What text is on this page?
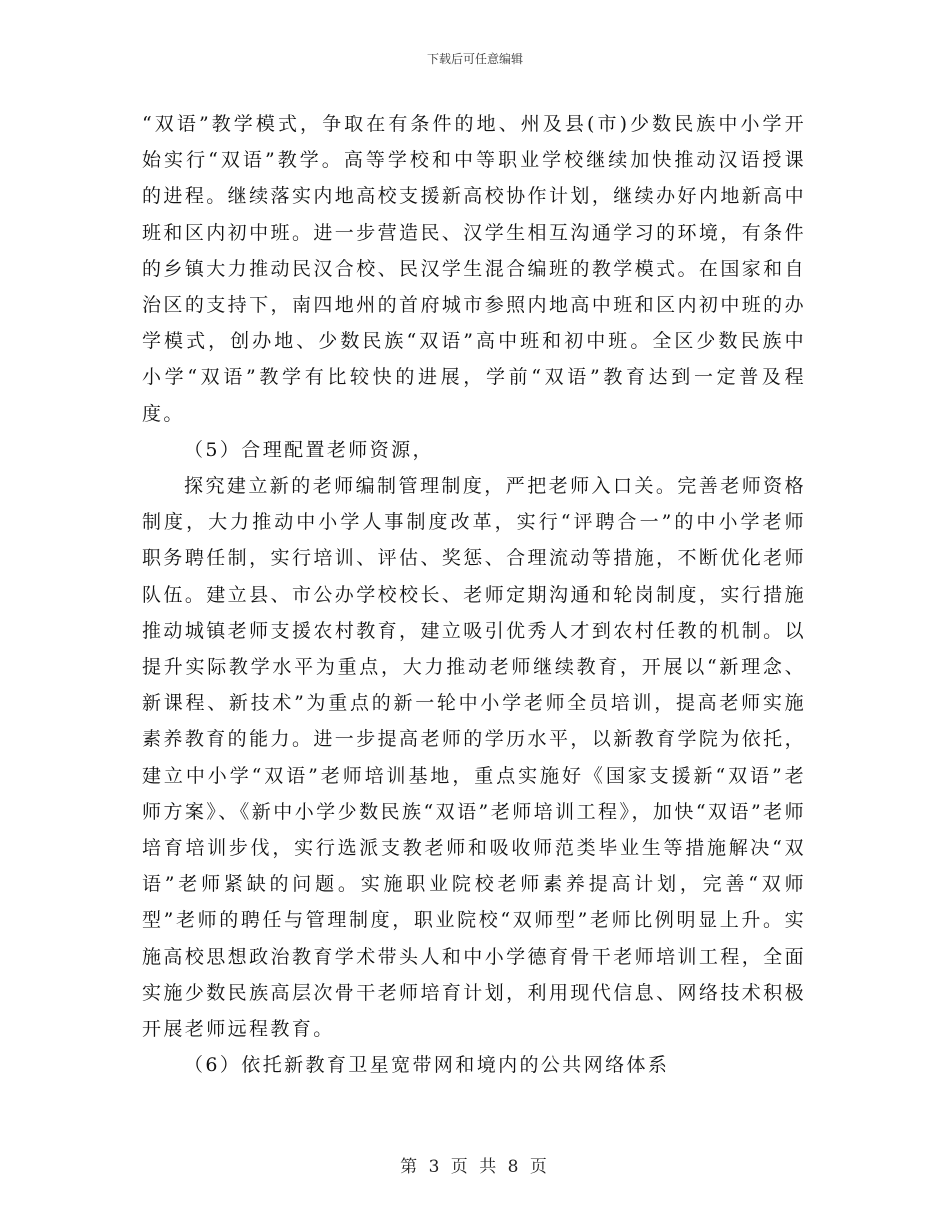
下载后可任意编辑

“双语”教学模式，争取在有条件的地、州及县(市)少数民族中小学开始实行“双语”教学。高等学校和中等职业学校继续加快推动汉语授课的进程。继续落实内地高校支援新高校协作计划，继续办好内地新高中班和区内初中班。进一步营造民、汉学生相互沟通学习的环境，有条件的乡镇大力推动民汉合校、民汉学生混合编班的教学模式。在国家和自治区的支持下，南四地州的首府城市参照内地高中班和区内初中班的办学模式，创办地、少数民族“双语”高中班和初中班。全区少数民族中小学“双语”教学有比较快的进展，学前“双语”教育达到一定普及程度。

（5）合理配置老师资源，

探究建立新的老师编制管理制度，严把老师入口关。完善老师资格制度，大力推动中小学人事制度改革，实行“评聘合一”的中小学老师职务聘任制，实行培训、评估、奖惩、合理流动等措施，不断优化老师队伍。建立县、市公办学校校长、老师定期沟通和轮岗制度，实行措施推动城镇老师支援农村教育，建立吸引优秀人才到农村任教的机制。以提升实际教学水平为重点，大力推动老师继续教育，开展以“新理念、新课程、新技术”为重点的新一轮中小学老师全员培训，提高老师实施素养教育的能力。进一步提高老师的学历水平，以新教育学院为依托，建立中小学“双语”老师培训基地，重点实施好《国家支援新“双语”老师方案》、《新中小学少数民族“双语”老师培训工程》，加快“双语”老师培育培训步伐，实行选派支教老师和吸收师范类毕业生等措施解决“双语”老师紧缺的问题。实施职业院校老师素养提高计划，完善“双师型”老师的聘任与管理制度，职业院校“双师型”老师比例明显上升。实施高校思想政治教育学术带头人和中小学德育骨干老师培训工程，全面实施少数民族高层次骨干老师培育计划，利用现代信息、网络技术积极开展老师远程教育。

（6）依托新教育卫星宽带网和境内的公共网络体系

第 3 页 共 8 页
